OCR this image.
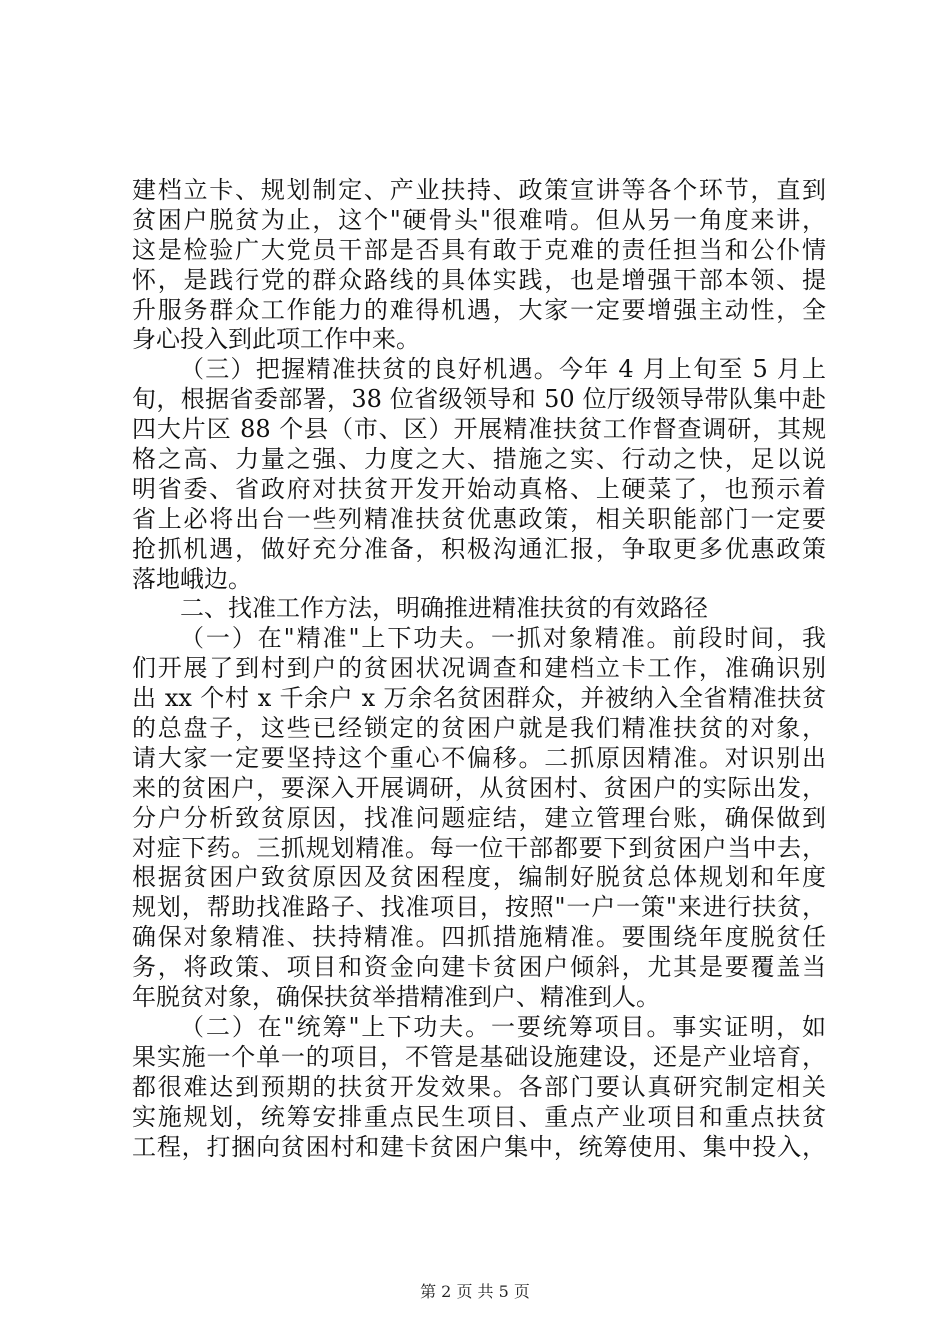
建档立卡、规划制定、产业扶持、政策宣讲等各个环节，直到
贫困户脱贫为止，这个"硬骨头"很难啃。但从另一角度来讲，
这是检验广大党员干部是否具有敢于克难的责任担当和公仆情
怀，是践行党的群众路线的具体实践，也是增强干部本领、提
升服务群众工作能力的难得机遇，大家一定要增强主动性，全
身心投入到此项工作中来。
（三）把握精准扶贫的良好机遇。今年 4 月上旬至 5 月上
旬，根据省委部署，38 位省级领导和 50 位厅级领导带队集中赴
四大片区 88 个县（市、区）开展精准扶贫工作督查调研，其规
格之高、力量之强、力度之大、措施之实、行动之快，足以说
明省委、省政府对扶贫开发开始动真格、上硬菜了，也预示着
省上必将出台一些列精准扶贫优惠政策，相关职能部门一定要
抢抓机遇，做好充分准备，积极沟通汇报，争取更多优惠政策
落地峨边。
二、找准工作方法，明确推进精准扶贫的有效路径
（一）在"精准"上下功夫。一抓对象精准。前段时间，我
们开展了到村到户的贫困状况调查和建档立卡工作，准确识别
出 xx 个村 x 千余户 x 万余名贫困群众，并被纳入全省精准扶贫
的总盘子，这些已经锁定的贫困户就是我们精准扶贫的对象，
请大家一定要坚持这个重心不偏移。二抓原因精准。对识别出
来的贫困户，要深入开展调研，从贫困村、贫困户的实际出发，
分户分析致贫原因，找准问题症结，建立管理台账，确保做到
对症下药。三抓规划精准。每一位干部都要下到贫困户当中去，
根据贫困户致贫原因及贫困程度，编制好脱贫总体规划和年度
规划，帮助找准路子、找准项目，按照"一户一策"来进行扶贫，
确保对象精准、扶持精准。四抓措施精准。要围绕年度脱贫任
务，将政策、项目和资金向建卡贫困户倾斜，尤其是要覆盖当
年脱贫对象，确保扶贫举措精准到户、精准到人。
（二）在"统筹"上下功夫。一要统筹项目。事实证明，如
果实施一个单一的项目，不管是基础设施建设，还是产业培育，
都很难达到预期的扶贫开发效果。各部门要认真研究制定相关
实施规划，统筹安排重点民生项目、重点产业项目和重点扶贫
工程，打捆向贫困村和建卡贫困户集中，统筹使用、集中投入，
第 2 页 共 5 页
